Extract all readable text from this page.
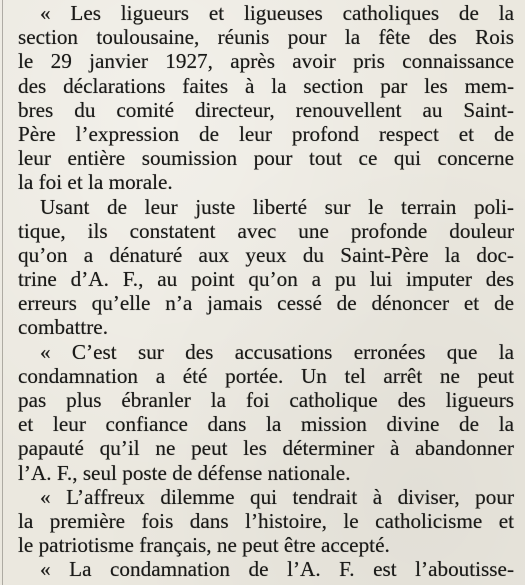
« Les ligueurs et ligueuses catholiques de la
section toulousaine, réunis pour la fête des Rois
le 29 janvier 1927, après avoir pris connaissance
des déclarations faites à la section par les mem-
bres du comité directeur, renouvellent au Saint-
Père l’expression de leur profond respect et de
leur entière soumission pour tout ce qui concerne
la foi et la morale.
Usant de leur juste liberté sur le terrain poli-
tique, ils constatent avec une profonde douleur
qu’on a dénaturé aux yeux du Saint-Père la doc-
trine d’A. F., au point qu’on a pu lui imputer des
erreurs qu’elle n’a jamais cessé de dénoncer et de
combattre.
« C’est sur des accusations erronées que la
condamnation a été portée. Un tel arrêt ne peut
pas plus ébranler la foi catholique des ligueurs
et leur confiance dans la mission divine de la
papauté qu’il ne peut les déterminer à abandonner
l’A. F., seul poste de défense nationale.
« L’affreux dilemme qui tendrait à diviser, pour
la première fois dans l’histoire, le catholicisme et
le patriotisme français, ne peut être accepté.
« La condamnation de l’A. F. est l’aboutisse-
